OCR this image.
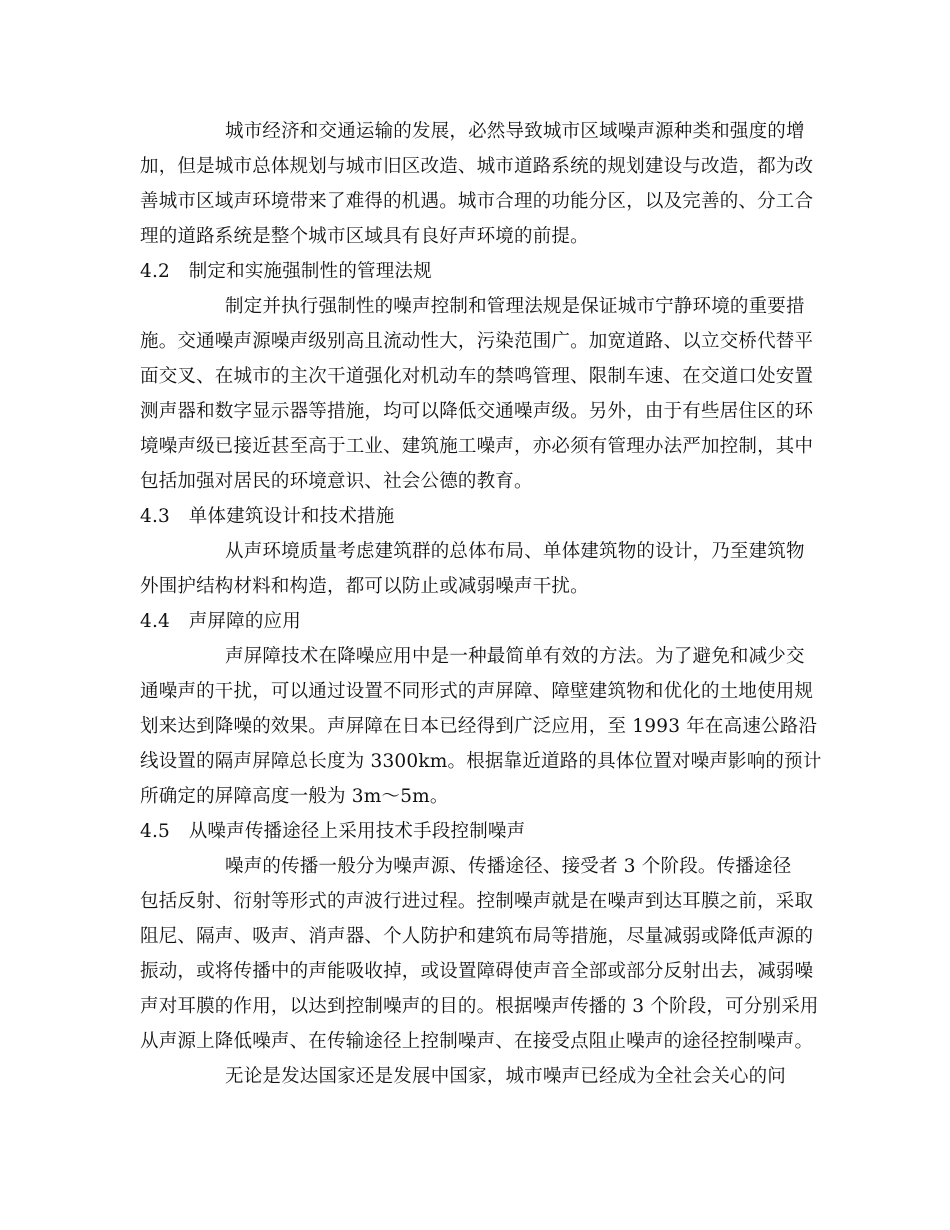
城市经济和交通运输的发展，必然导致城市区域噪声源种类和强度的增
加，但是城市总体规划与城市旧区改造、城市道路系统的规划建设与改造，都为改
善城市区域声环境带来了难得的机遇。城市合理的功能分区，以及完善的、分工合
理的道路系统是整个城市区域具有良好声环境的前提。
4.2　制定和实施强制性的管理法规
制定并执行强制性的噪声控制和管理法规是保证城市宁静环境的重要措
施。交通噪声源噪声级别高且流动性大，污染范围广。加宽道路、以立交桥代替平
面交叉、在城市的主次干道强化对机动车的禁鸣管理、限制车速、在交道口处安置
测声器和数字显示器等措施，均可以降低交通噪声级。另外，由于有些居住区的环
境噪声级已接近甚至高于工业、建筑施工噪声，亦必须有管理办法严加控制，其中
包括加强对居民的环境意识、社会公德的教育。
4.3　单体建筑设计和技术措施
从声环境质量考虑建筑群的总体布局、单体建筑物的设计，乃至建筑物
外围护结构材料和构造，都可以防止或减弱噪声干扰。
4.4　声屏障的应用
声屏障技术在降噪应用中是一种最简单有效的方法。为了避免和减少交
通噪声的干扰，可以通过设置不同形式的声屏障、障壁建筑物和优化的土地使用规
划来达到降噪的效果。声屏障在日本已经得到广泛应用，至 1993 年在高速公路沿
线设置的隔声屏障总长度为 3300km。根据靠近道路的具体位置对噪声影响的预计
所确定的屏障高度一般为 3m～5m。
4.5　从噪声传播途径上采用技术手段控制噪声
噪声的传播一般分为噪声源、传播途径、接受者 3 个阶段。传播途径
包括反射、衍射等形式的声波行进过程。控制噪声就是在噪声到达耳膜之前，采取
阻尼、隔声、吸声、消声器、个人防护和建筑布局等措施，尽量减弱或降低声源的
振动，或将传播中的声能吸收掉，或设置障碍使声音全部或部分反射出去，减弱噪
声对耳膜的作用，以达到控制噪声的目的。根据噪声传播的 3 个阶段，可分别采用
从声源上降低噪声、在传输途径上控制噪声、在接受点阻止噪声的途径控制噪声。
无论是发达国家还是发展中国家，城市噪声已经成为全社会关心的问
